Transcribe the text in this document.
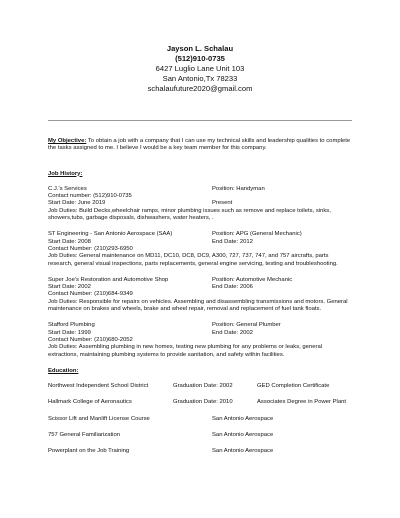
Jayson L. Schalau
(512)910-0735
6427 Luglio Lane Unit 103
San Antonio,Tx 78233
schalaufuture2020@gmail.com
My Objective: To obtain a job with a company that I can use my technical skills and leadership qualities to complete the tasks assigned to me. I believe I would be a key team member for this company.
Job History:
C.J.'s Services	Position: Handyman
Contact number: (512)910-0735
Start Date: June 2019	Present
Job Duties: Build Decks,wheelchair ramps, minor plumbing issues such as remove and replace toilets, sinks, showers,tubs, garbage disposals, dishwashers, water heaters, .
ST Engineering - San Antonio Aerospace (SAA)	Position: APG (General Mechanic)
Start Date: 2008	End Date: 2012
Contact Number: (210)293-6950
Job Duties: General maintenance on MD11, DC10, DC8, DC9, A300, 727, 737, 747, and 757 aircrafts, parts research, general visual inspections, parts replacements, general engine servicing, testing and troubleshooting.
Super Joe's Restoration and Automotive Shop	Position: Automotive Mechanic
Start Date: 2002	End Date: 2006
Contact Number: (210)684-9349
Job Duties: Responsible for repairs on vehicles. Assembling and disassembling transmissions and motors. General maintenance on brakes and wheels, brake and wheel repair, removal and replacement of fuel tank floats.
Stafford Plumbing	Position: General Plumber
Start Date: 1999	End Date: 2002
Contact Number: (210)680-2052
Job Duties: Assembling plumbing in new homes, testing new plumbing for any problems or leaks, general extractions, maintaining plumbing systems to provide sanitation, and safety within facilities.
Education:
Northwest Independent School District	Graduation Date: 2002	GED Completion Certificate
Hallmark College of Aeronautics	Graduation Date: 2010	Associates Degree in Power Plant
Scissor Lift and Manlift License Course	San Antonio Aerospace
757 General Familiarization	San Antonio Aerospace
Powerplant on the Job Training	San Antonio Aerospace
